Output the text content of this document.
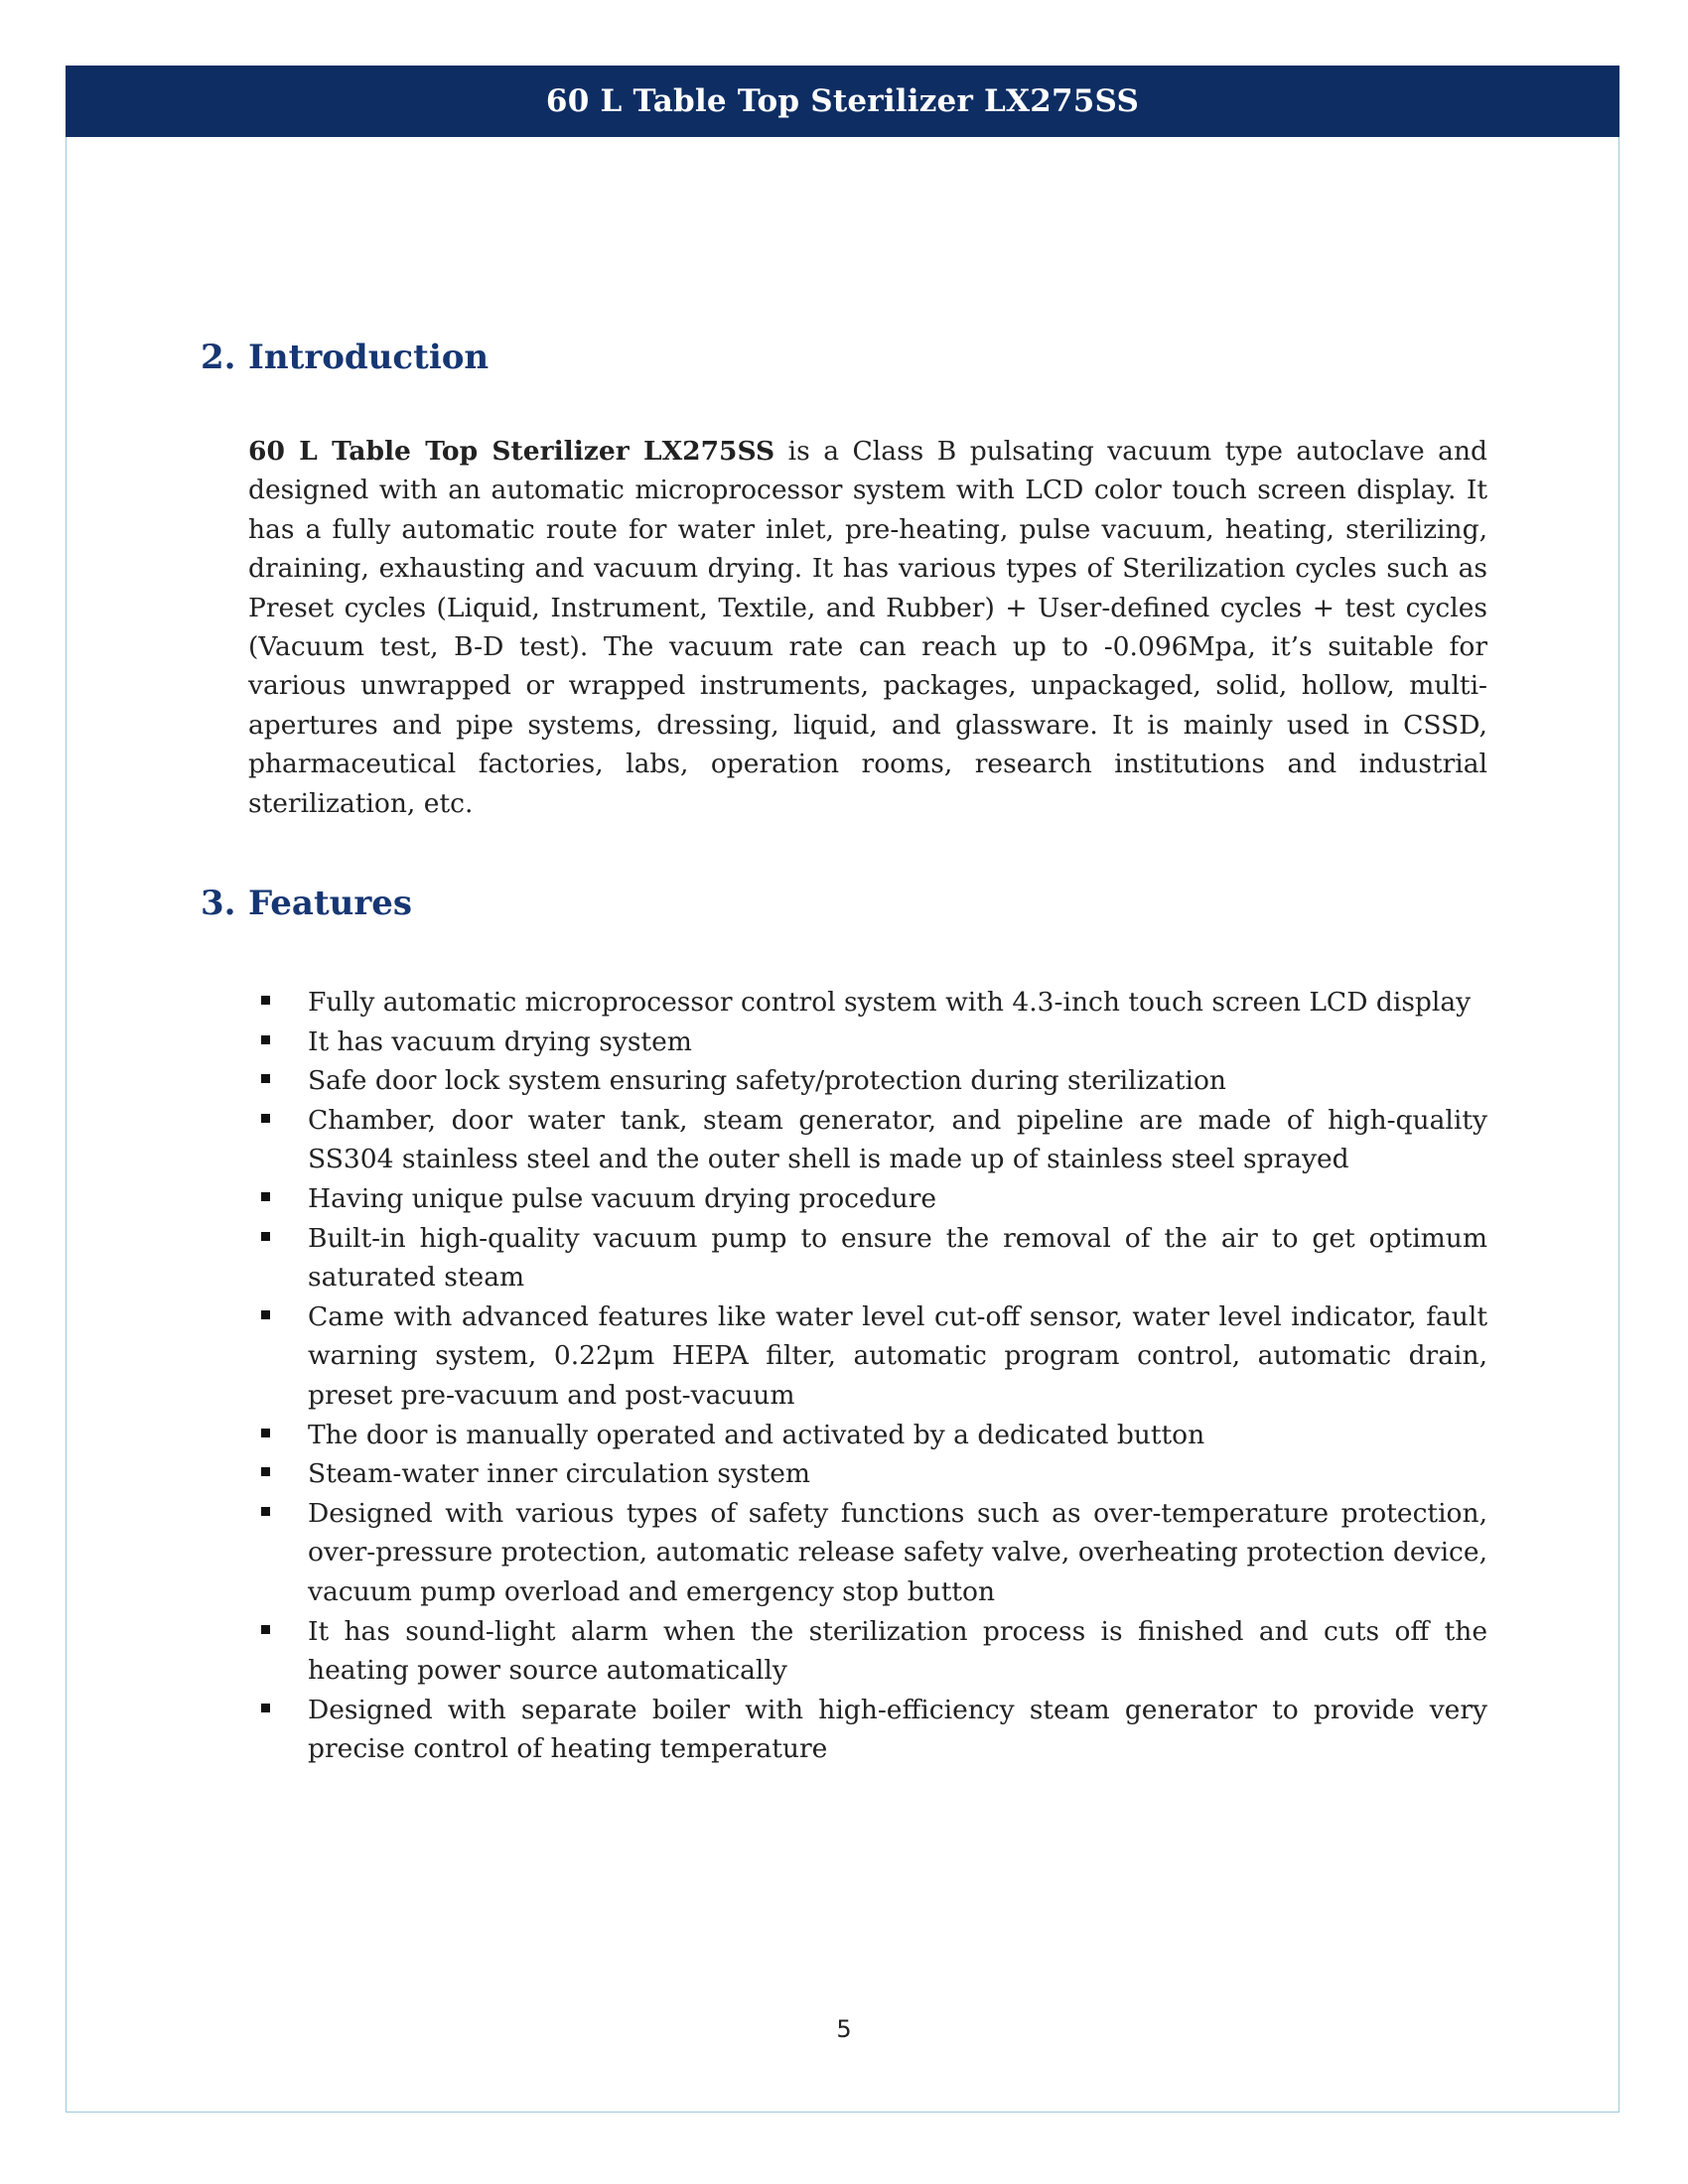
60 L Table Top Sterilizer LX275SS
2. Introduction
60 L Table Top Sterilizer LX275SS is a Class B pulsating vacuum type autoclave and designed with an automatic microprocessor system with LCD color touch screen display. It has a fully automatic route for water inlet, pre-heating, pulse vacuum, heating, sterilizing, draining, exhausting and vacuum drying. It has various types of Sterilization cycles such as Preset cycles (Liquid, Instrument, Textile, and Rubber) + User-defined cycles + test cycles (Vacuum test, B-D test). The vacuum rate can reach up to -0.096Mpa, it’s suitable for various unwrapped or wrapped instruments, packages, unpackaged, solid, hollow, multi-apertures and pipe systems, dressing, liquid, and glassware. It is mainly used in CSSD, pharmaceutical factories, labs, operation rooms, research institutions and industrial sterilization, etc.
3. Features
Fully automatic microprocessor control system with 4.3-inch touch screen LCD display
It has vacuum drying system
Safe door lock system ensuring safety/protection during sterilization
Chamber, door water tank, steam generator, and pipeline are made of high-quality SS304 stainless steel and the outer shell is made up of stainless steel sprayed
Having unique pulse vacuum drying procedure
Built-in high-quality vacuum pump to ensure the removal of the air to get optimum saturated steam
Came with advanced features like water level cut-off sensor, water level indicator, fault warning system, 0.22μm HEPA filter, automatic program control, automatic drain, preset pre-vacuum and post-vacuum
The door is manually operated and activated by a dedicated button
Steam-water inner circulation system
Designed with various types of safety functions such as over-temperature protection, over-pressure protection, automatic release safety valve, overheating protection device, vacuum pump overload and emergency stop button
It has sound-light alarm when the sterilization process is finished and cuts off the heating power source automatically
Designed with separate boiler with high-efficiency steam generator to provide very precise control of heating temperature
5
